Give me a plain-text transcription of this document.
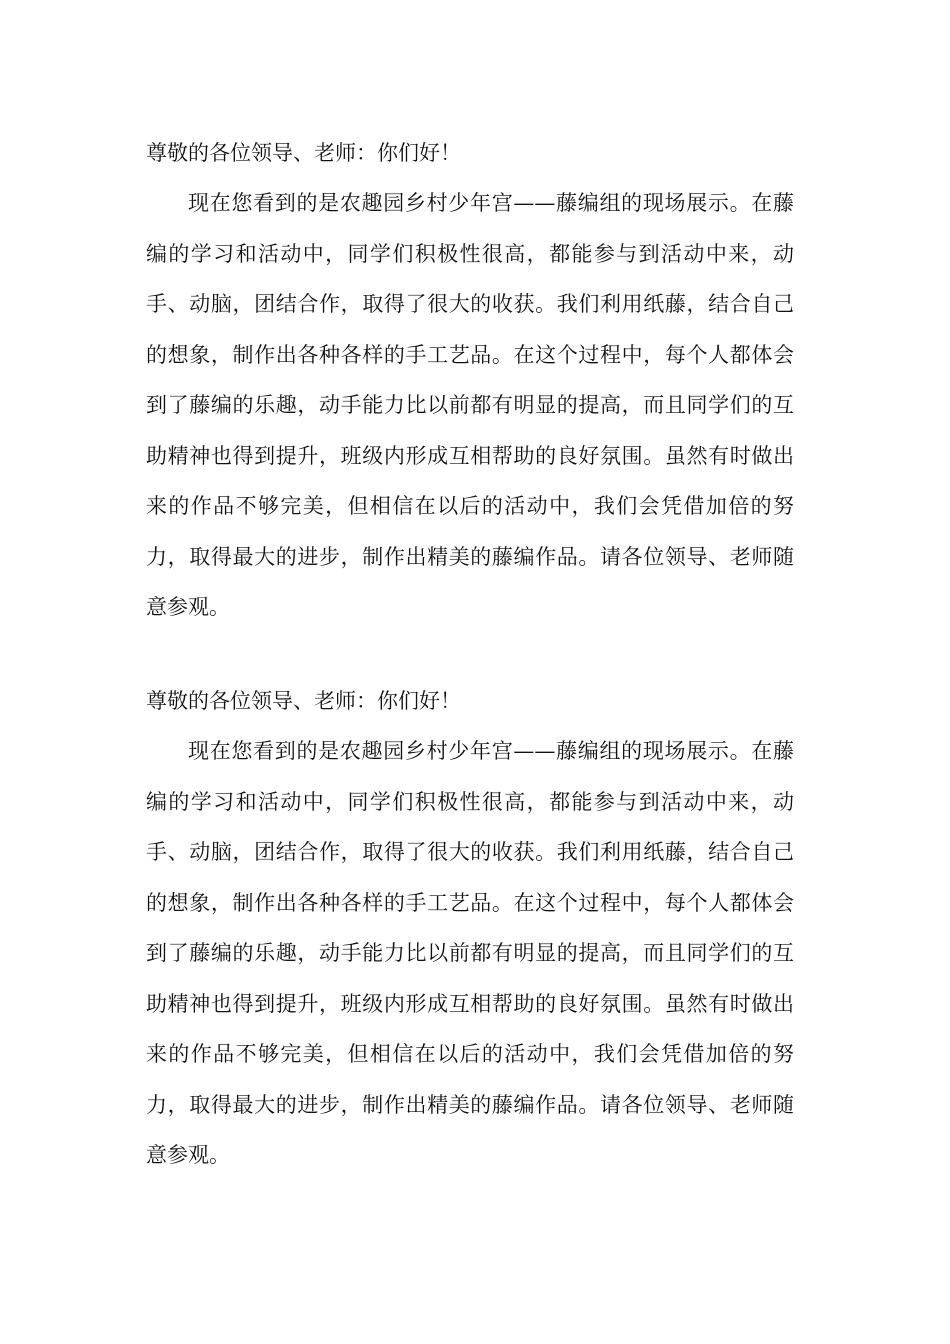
尊敬的各位领导、老师：你们好！

现在您看到的是农趣园乡村少年宫——藤编组的现场展示。在藤编的学习和活动中，同学们积极性很高，都能参与到活动中来，动手、动脑，团结合作，取得了很大的收获。我们利用纸藤，结合自己的想象，制作出各种各样的手工艺品。在这个过程中，每个人都体会到了藤编的乐趣，动手能力比以前都有明显的提高，而且同学们的互助精神也得到提升，班级内形成互相帮助的良好氛围。虽然有时做出来的作品不够完美，但相信在以后的活动中，我们会凭借加倍的努力，取得最大的进步，制作出精美的藤编作品。请各位领导、老师随意参观。

尊敬的各位领导、老师：你们好！

现在您看到的是农趣园乡村少年宫——藤编组的现场展示。在藤编的学习和活动中，同学们积极性很高，都能参与到活动中来，动手、动脑，团结合作，取得了很大的收获。我们利用纸藤，结合自己的想象，制作出各种各样的手工艺品。在这个过程中，每个人都体会到了藤编的乐趣，动手能力比以前都有明显的提高，而且同学们的互助精神也得到提升，班级内形成互相帮助的良好氛围。虽然有时做出来的作品不够完美，但相信在以后的活动中，我们会凭借加倍的努力，取得最大的进步，制作出精美的藤编作品。请各位领导、老师随意参观。
